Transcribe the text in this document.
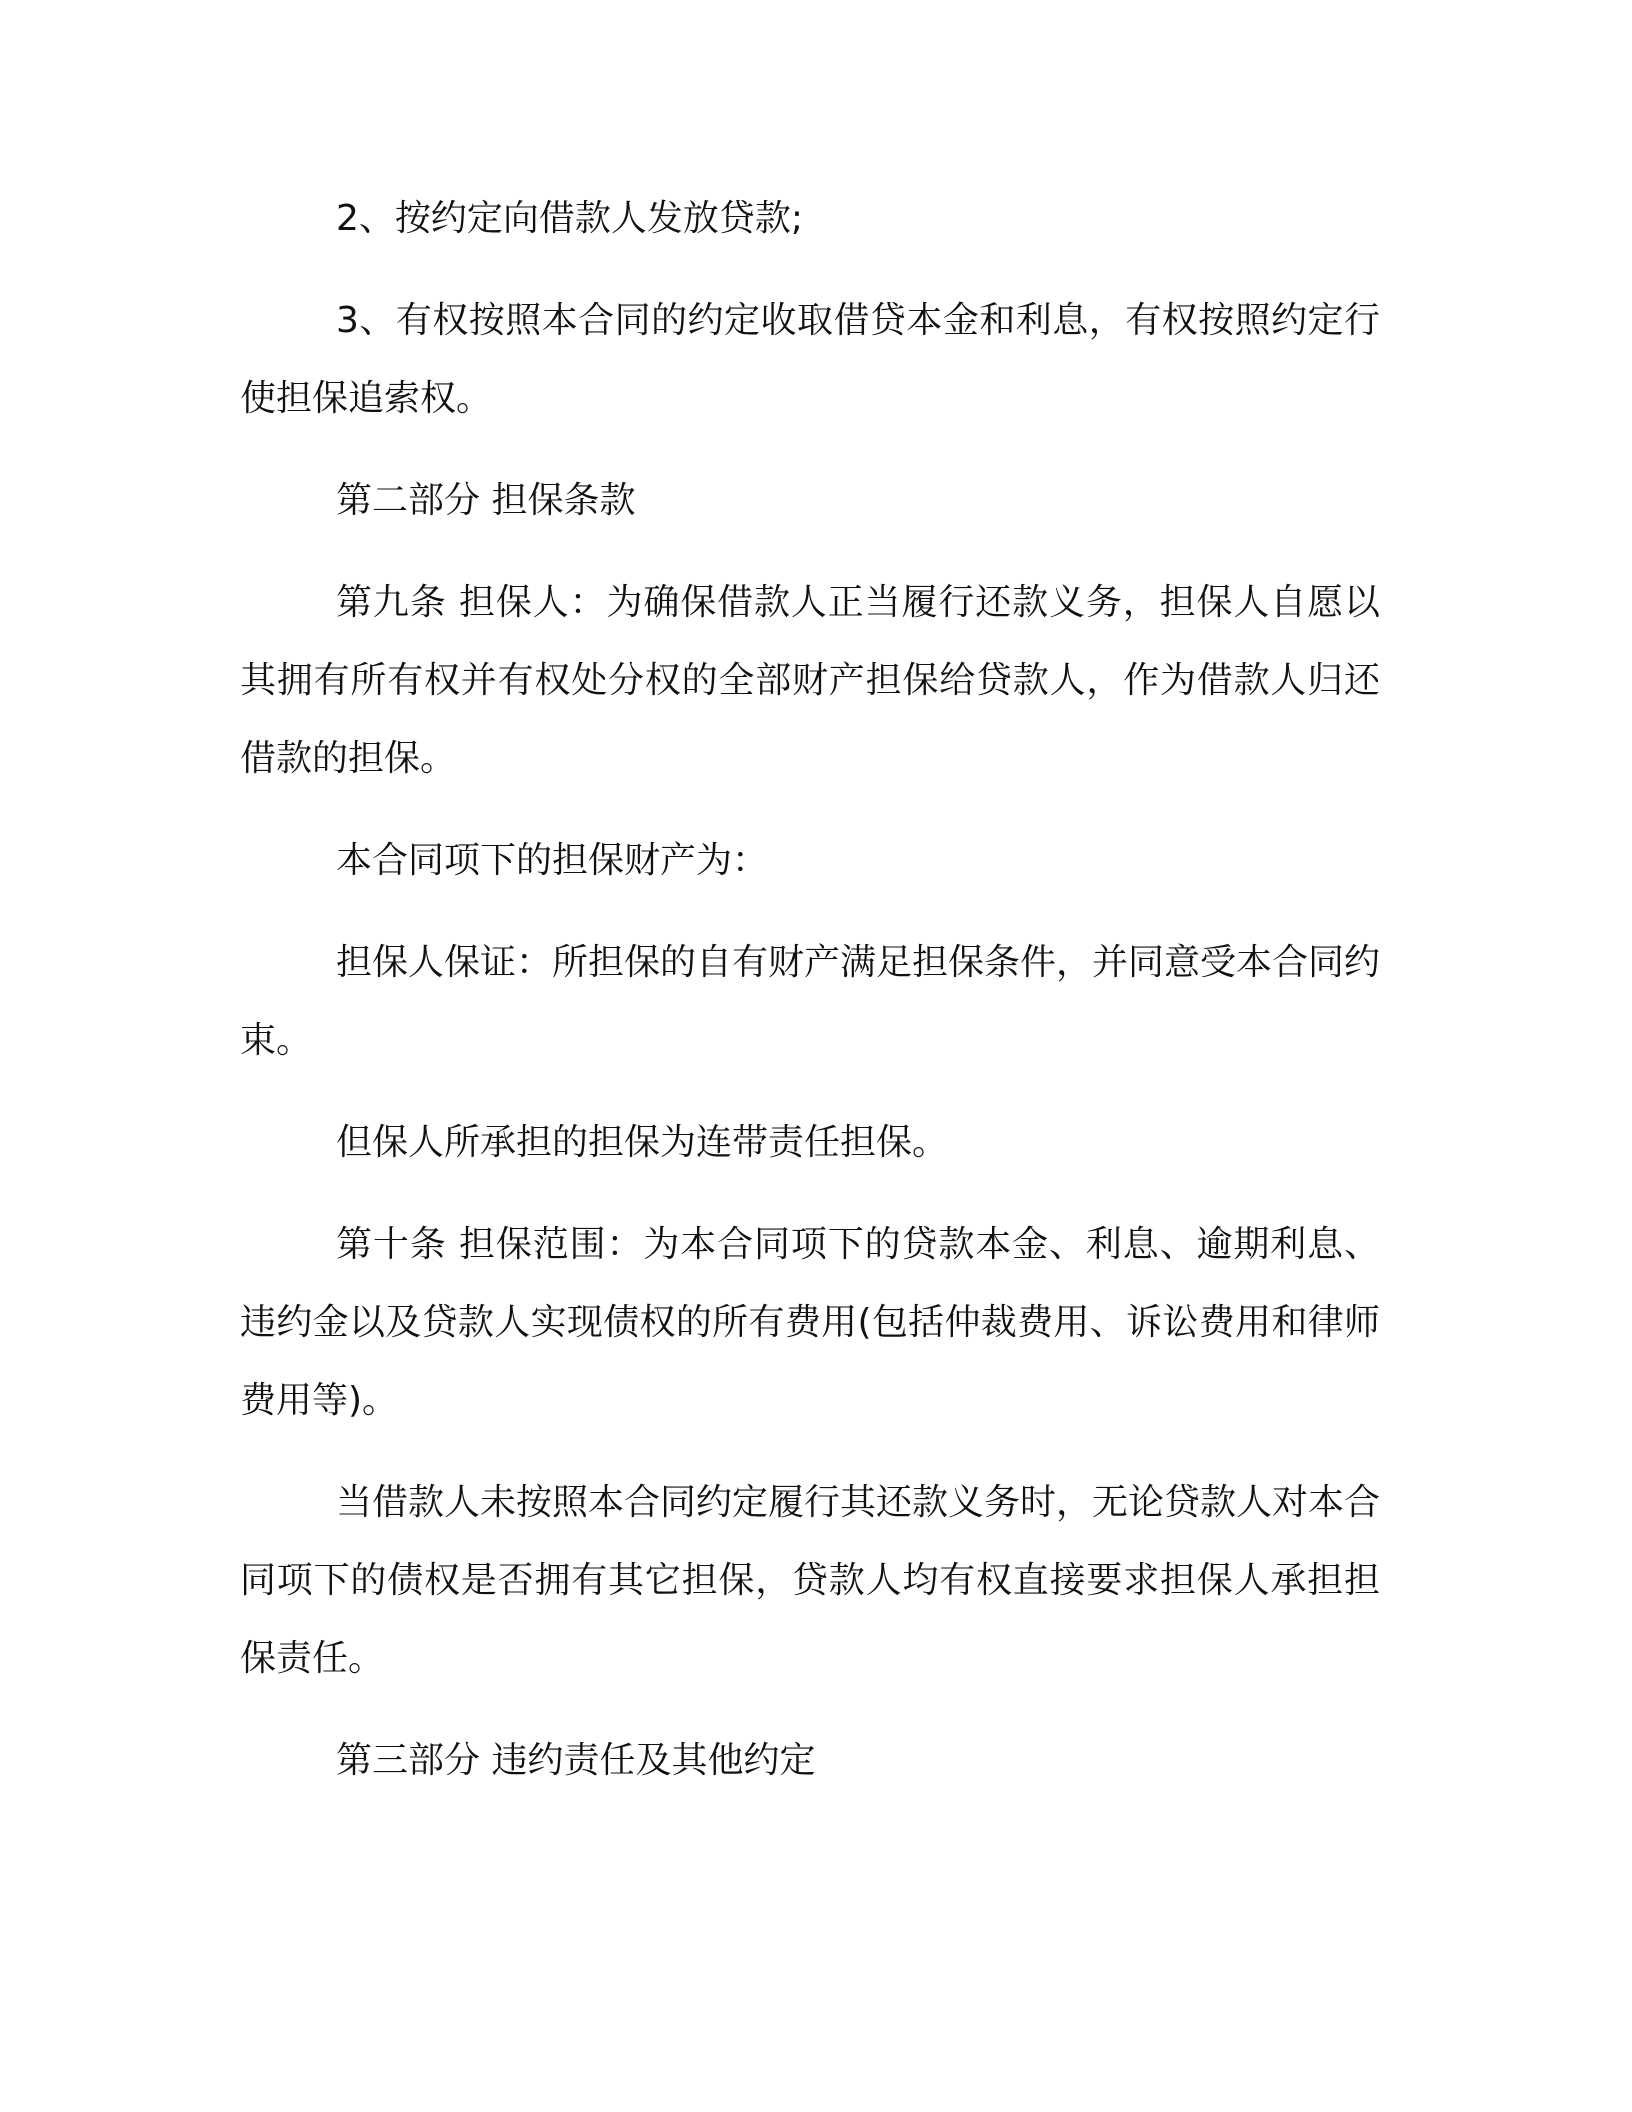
2、按约定向借款人发放贷款;

3、有权按照本合同的约定收取借贷本金和利息，有权按照约定行使担保追索权。

第二部分 担保条款

第九条 担保人：为确保借款人正当履行还款义务，担保人自愿以其拥有所有权并有权处分权的全部财产担保给贷款人，作为借款人归还借款的担保。

本合同项下的担保财产为：

担保人保证：所担保的自有财产满足担保条件，并同意受本合同约束。

但保人所承担的担保为连带责任担保。

第十条 担保范围：为本合同项下的贷款本金、利息、逾期利息、违约金以及贷款人实现债权的所有费用(包括仲裁费用、诉讼费用和律师费用等)。

当借款人未按照本合同约定履行其还款义务时，无论贷款人对本合同项下的债权是否拥有其它担保，贷款人均有权直接要求担保人承担担保责任。

第三部分 违约责任及其他约定
